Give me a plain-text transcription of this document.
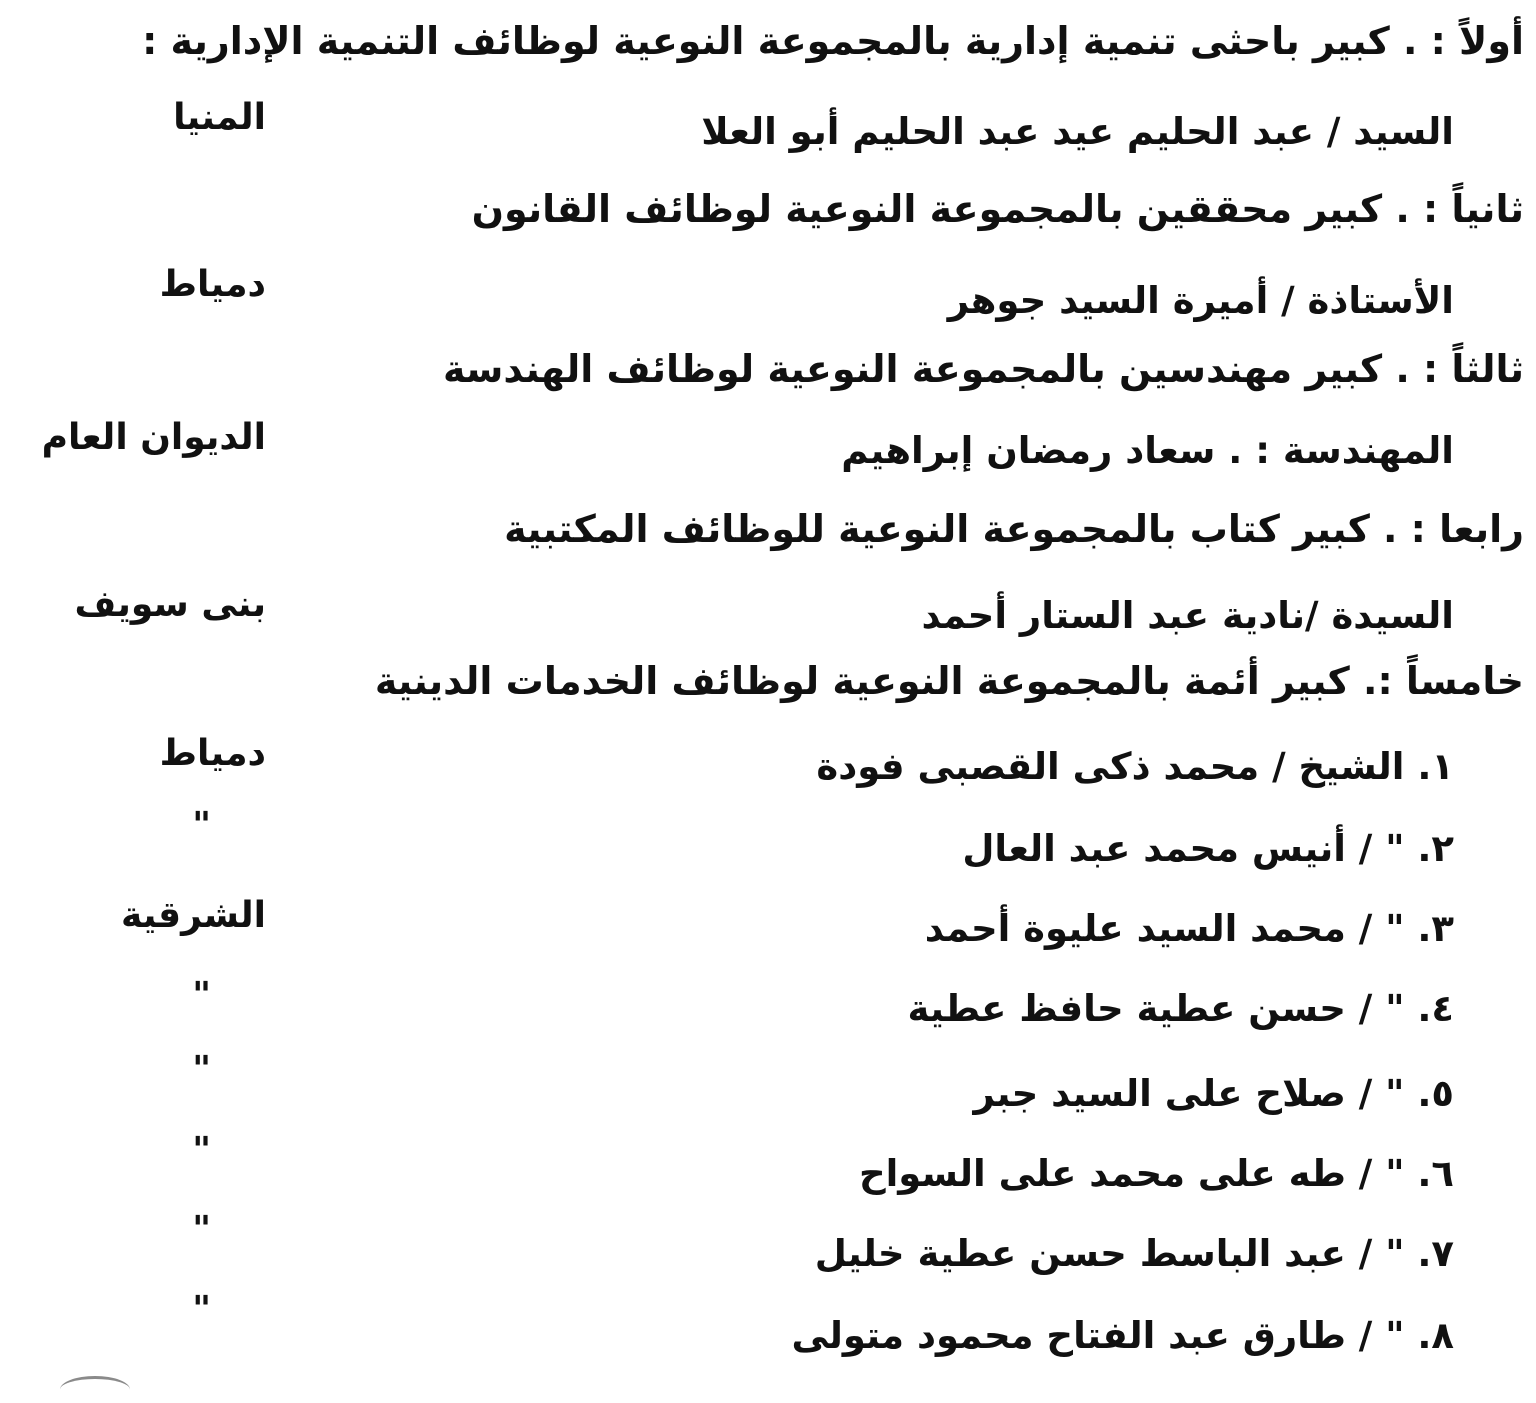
أولاً : . كبير باحثى تنمية إدارية بالمجموعة النوعية لوظائف التنمية الإدارية :
السيد / عبد الحليم عيد عبد الحليم أبو العلا
المنيا
ثانياً : . كبير محققين بالمجموعة النوعية لوظائف القانون
الأستاذة / أميرة السيد جوهر
دمياط
ثالثاً : . كبير مهندسين بالمجموعة النوعية لوظائف الهندسة
المهندسة : . سعاد رمضان إبراهيم
الديوان العام
رابعا : . كبير كتاب بالمجموعة النوعية للوظائف المكتبية
السيدة /نادية عبد الستار أحمد
بنى سويف
خامساً :. كبير أئمة بالمجموعة النوعية لوظائف الخدمات الدينية
١. الشيخ / محمد ذكى القصبى فودة
دمياط
٢. " / أنيس محمد عبد العال
"
٣. " / محمد السيد عليوة أحمد
الشرقية
٤. " / حسن عطية حافظ عطية
"
٥. " / صلاح على السيد جبر
"
٦. " / طه على محمد على السواح
"
٧. " / عبد الباسط حسن عطية خليل
"
٨. " / طارق عبد الفتاح محمود متولى
"
